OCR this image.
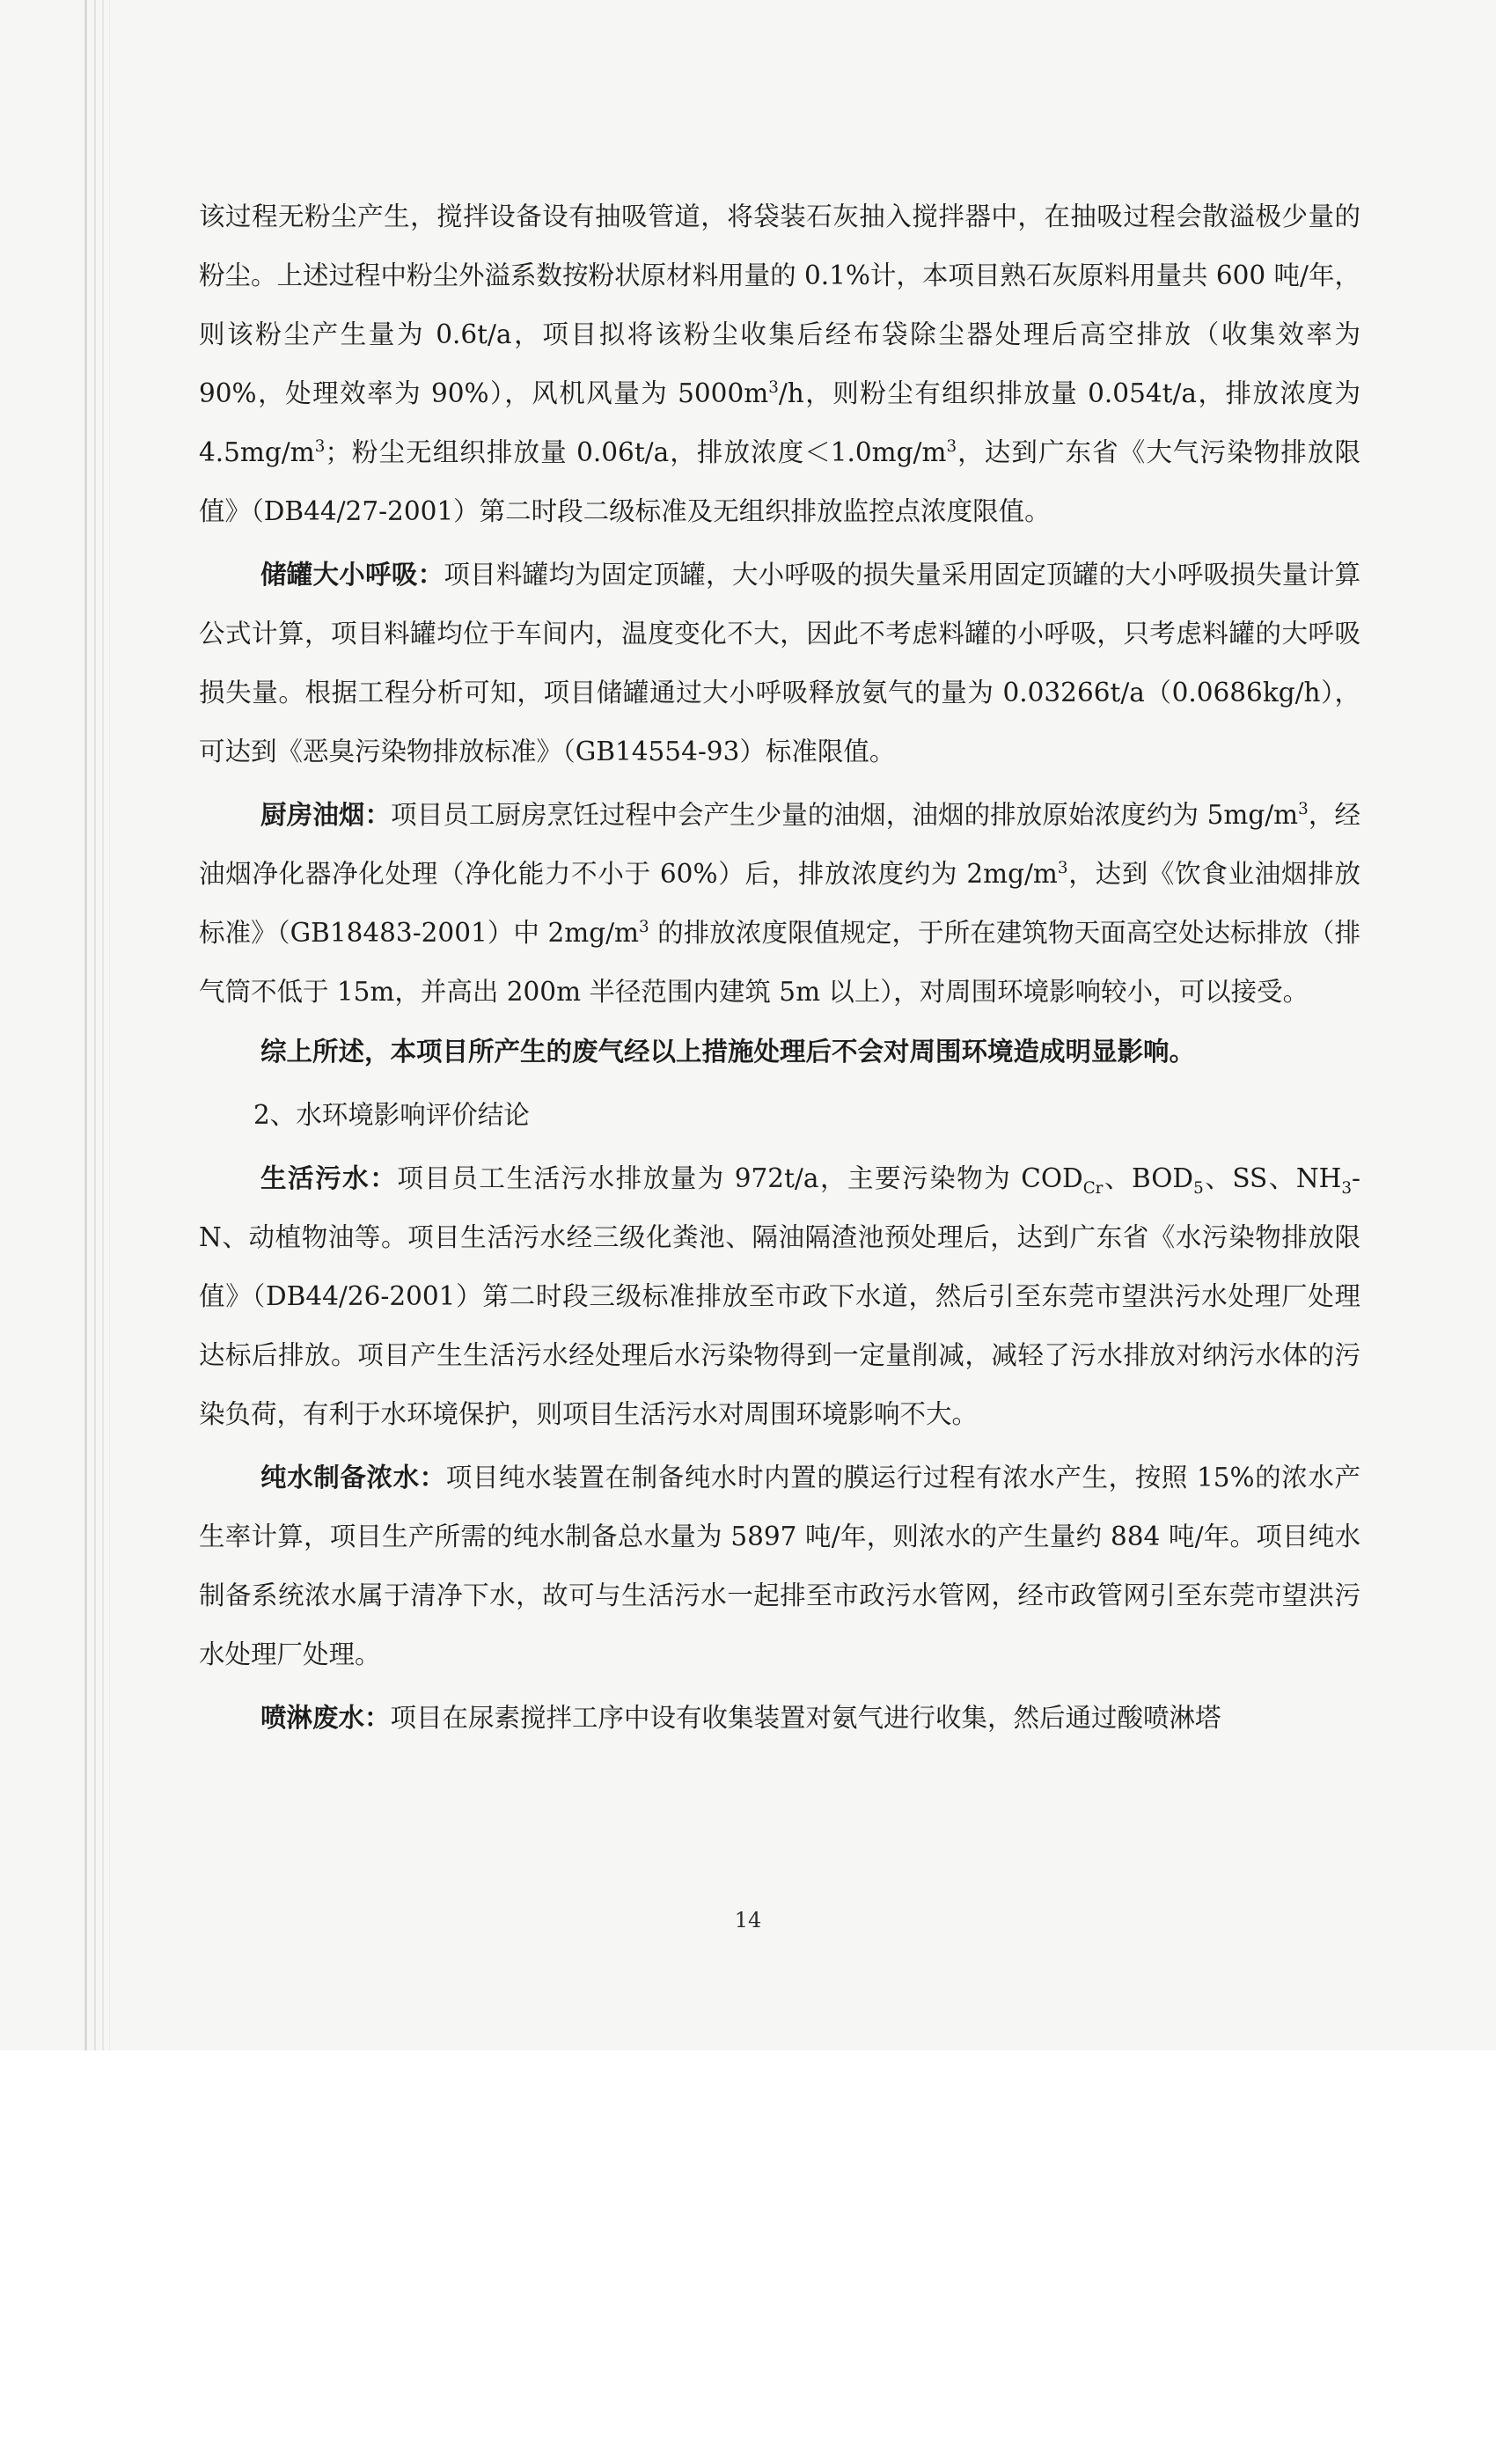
该过程无粉尘产生，搅拌设备设有抽吸管道，将袋装石灰抽入搅拌器中，在抽吸过程会散溢极少量的粉尘。上述过程中粉尘外溢系数按粉状原材料用量的 0.1%计，本项目熟石灰原料用量共 600 吨/年，则该粉尘产生量为 0.6t/a，项目拟将该粉尘收集后经布袋除尘器处理后高空排放（收集效率为 90%，处理效率为 90%），风机风量为 $5000m^3/h$，则粉尘有组织排放量 0.054t/a，排放浓度为 $4.5mg/m^3$；粉尘无组织排放量 0.06t/a，排放浓度$<1.0mg/m^3$，达到广东省《大气污染物排放限值》（DB44/27-2001）第二时段二级标准及无组织排放监控点浓度限值。

储罐大小呼吸：项目料罐均为固定顶罐，大小呼吸的损失量采用固定顶罐的大小呼吸损失量计算公式计算，项目料罐均位于车间内，温度变化不大，因此不考虑料罐的小呼吸，只考虑料罐的大呼吸损失量。根据工程分析可知，项目储罐通过大小呼吸释放氨气的量为 0.03266t/a（0.0686kg/h），可达到《恶臭污染物排放标准》（GB14554-93）标准限值。

厨房油烟：项目员工厨房烹饪过程中会产生少量的油烟，油烟的排放原始浓度约为 $5mg/m^3$，经油烟净化器净化处理（净化能力不小于 60%）后，排放浓度约为 $2mg/m^3$，达到《饮食业油烟排放标准》（GB18483-2001）中 $2mg/m^3$ 的排放浓度限值规定，于所在建筑物天面高空处达标排放（排气筒不低于 15m，并高出 200m 半径范围内建筑 5m 以上），对周围环境影响较小，可以接受。

综上所述，本项目所产生的废气经以上措施处理后不会对周围环境造成明显影响。

2、水环境影响评价结论

生活污水：项目员工生活污水排放量为 972t/a，主要污染物为 $COD_{Cr}$、$BOD_5$、SS、$NH_3-N$、动植物油等。项目生活污水经三级化粪池、隔油隔渣池预处理后，达到广东省《水污染物排放限值》（DB44/26-2001）第二时段三级标准排放至市政下水道，然后引至东莞市望洪污水处理厂处理达标后排放。项目产生生活污水经处理后水污染物得到一定量削减，减轻了污水排放对纳污水体的污染负荷，有利于水环境保护，则项目生活污水对周围环境影响不大。

纯水制备浓水：项目纯水装置在制备纯水时内置的膜运行过程有浓水产生，按照 15%的浓水产生率计算，项目生产所需的纯水制备总水量为 5897 吨/年，则浓水的产生量约 884 吨/年。项目纯水制备系统浓水属于清净下水，故可与生活污水一起排至市政污水管网，经市政管网引至东莞市望洪污水处理厂处理。

喷淋废水：项目在尿素搅拌工序中设有收集装置对氨气进行收集，然后通过酸喷淋塔

14
